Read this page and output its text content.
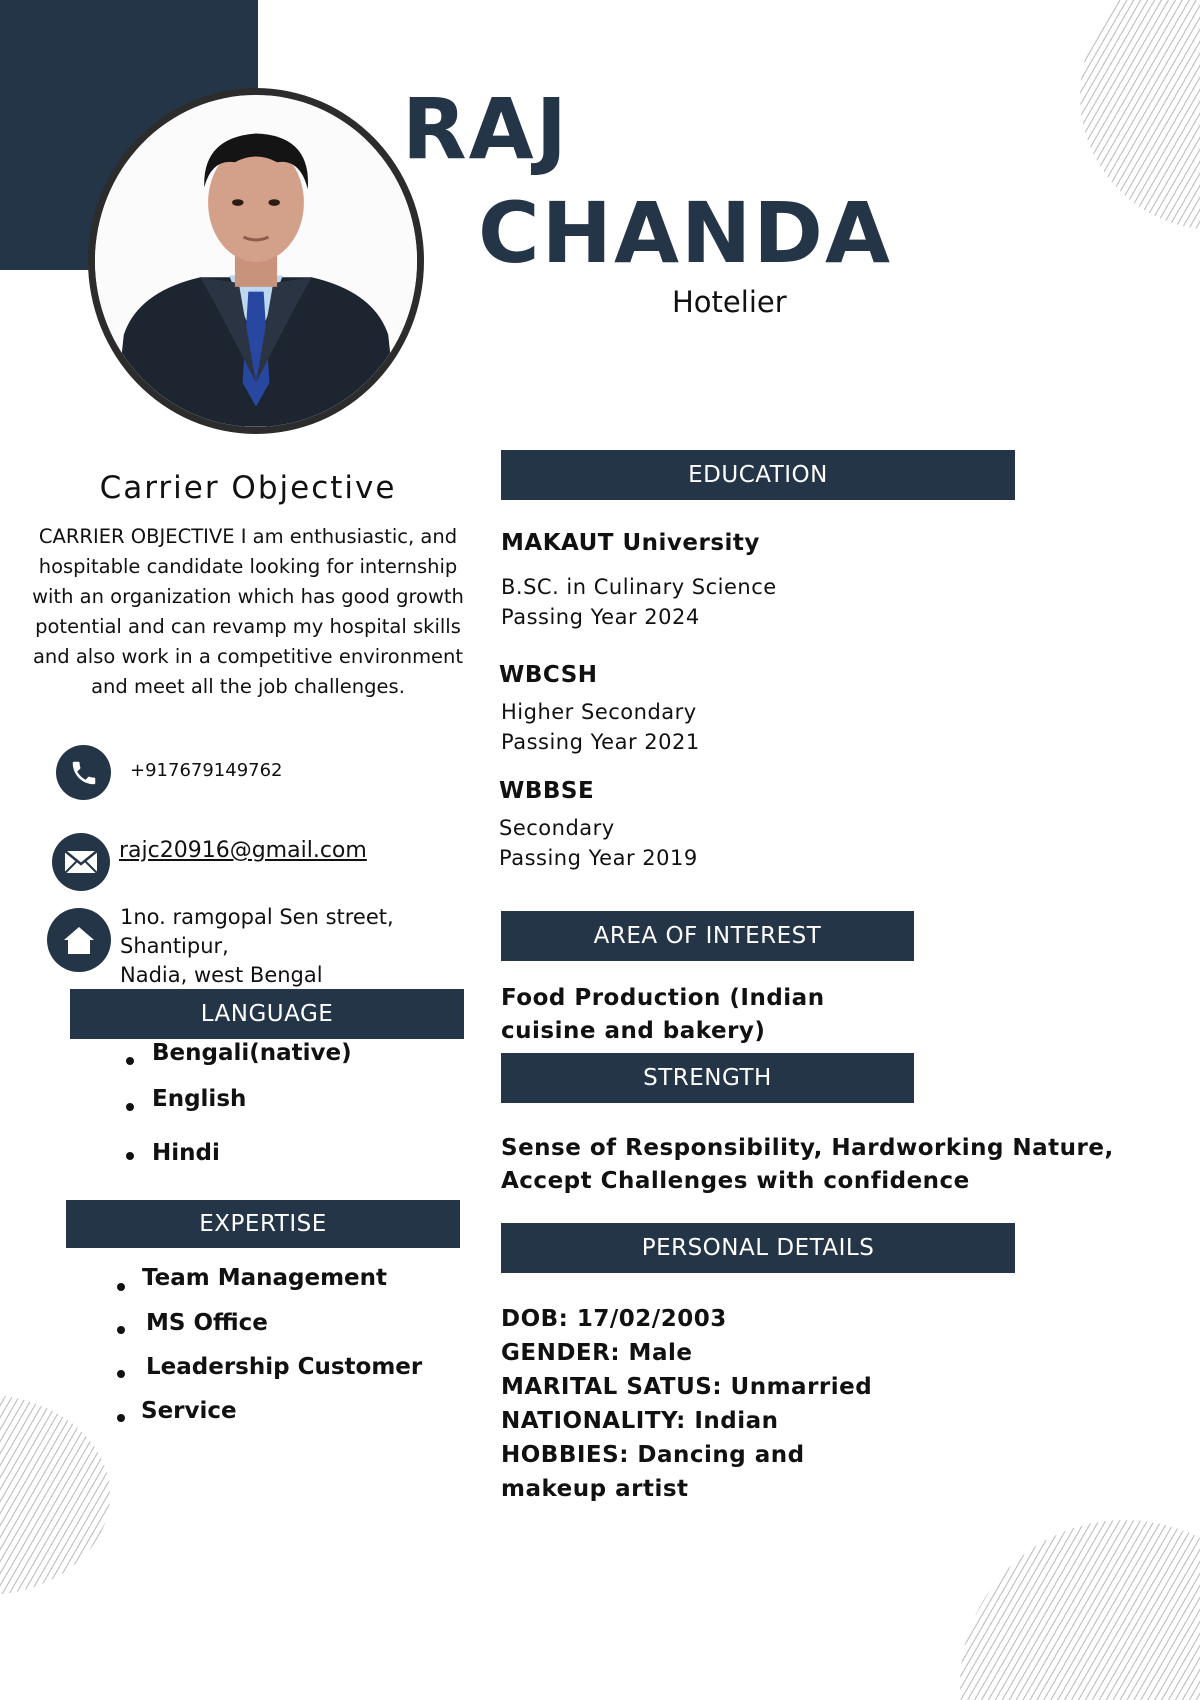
RAJ
CHANDA
Hotelier
Carrier Objective
CARRIER OBJECTIVE I am enthusiastic, and hospitable candidate looking for internship with an organization which has good growth potential and can revamp my hospital skills and also work in a competitive environment and meet all the job challenges.
+917679149762
rajc20916@gmail.com
1no. ramgopal Sen street, Shantipur,
Nadia, west Bengal
LANGUAGE
Bengali(native)
English
Hindi
EXPERTISE
Team Management
MS Office
Leadership Customer
Service
EDUCATION
MAKAUT University
B.SC. in Culinary Science
Passing Year 2024
WBCSH
Higher Secondary
Passing Year 2021
WBBSE
Secondary
Passing Year 2019
AREA OF INTEREST
Food Production (Indian
cuisine and bakery)
STRENGTH
Sense of Responsibility, Hardworking Nature,
Accept Challenges with confidence
PERSONAL DETAILS
DOB: 17/02/2003
GENDER: Male
MARITAL SATUS: Unmarried
NATIONALITY: Indian
HOBBIES: Dancing and
makeup artist
